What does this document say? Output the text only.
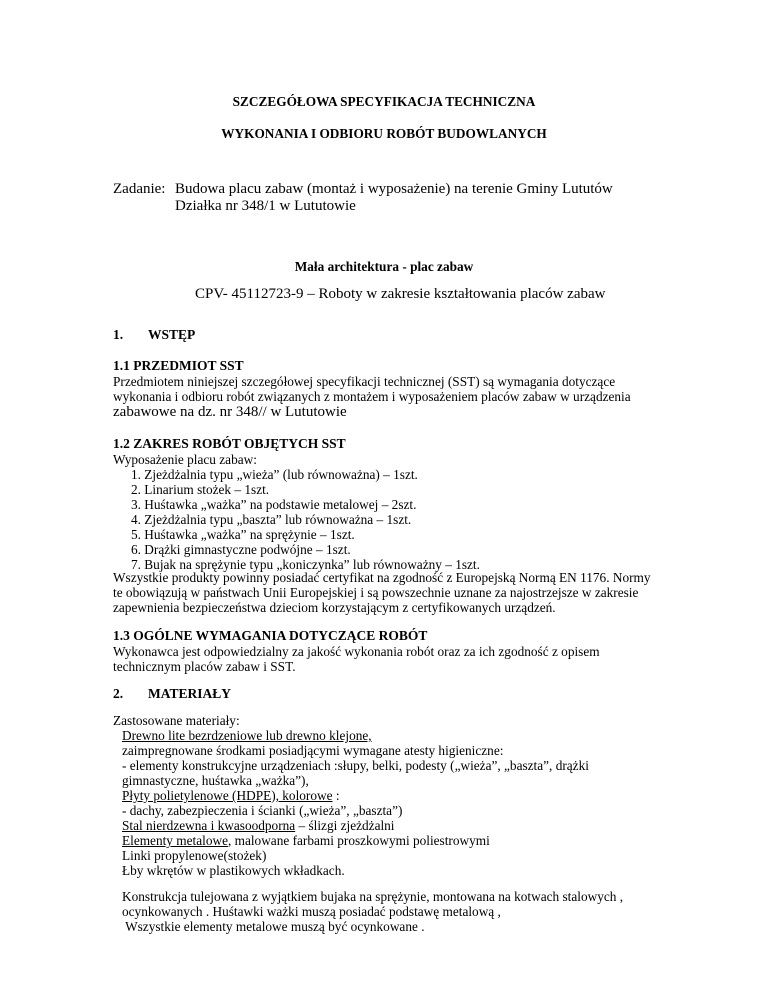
SZCZEGÓŁOWA SPECYFIKACJA TECHNICZNA
WYKONANIA I ODBIORU ROBÓT BUDOWLANYCH
Zadanie: Budowa placu zabaw (montaż i wyposażenie) na terenie Gminy Lututów
Działka nr 348/1 w Lututowie
Mała architektura - plac zabaw
CPV- 45112723-9 – Roboty w zakresie kształtowania placów zabaw
1. WSTĘP
1.1 PRZEDMIOT SST
Przedmiotem niniejszej szczegółowej specyfikacji technicznej (SST) są wymagania dotyczące
wykonania i odbioru robót związanych z montażem i wyposażeniem placów zabaw w urządzenia
zabawowe na dz. nr 348// w Lututowie
1.2 ZAKRES ROBÓT OBJĘTYCH SST
Wyposażenie placu zabaw:
1. Zjeżdżalnia typu „wieża” (lub równoważna) – 1szt.
2. Linarium stożek – 1szt.
3. Huśtawka „ważka” na podstawie metalowej – 2szt.
4. Zjeżdżalnia typu „baszta” lub równoważna – 1szt.
5. Huśtawka „ważka” na sprężynie – 1szt.
6. Drążki gimnastyczne podwójne – 1szt.
7. Bujak na sprężynie typu „koniczynka” lub równoważny – 1szt.
Wszystkie produkty powinny posiadać certyfikat na zgodność z Europejską Normą EN 1176. Normy
te obowiązują w państwach Unii Europejskiej i są powszechnie uznane za najostrzejsze w zakresie
zapewnienia bezpieczeństwa dzieciom korzystającym z certyfikowanych urządzeń.
1.3 OGÓLNE WYMAGANIA DOTYCZĄCE ROBÓT
Wykonawca jest odpowiedzialny za jakość wykonania robót oraz za ich zgodność z opisem
technicznym placów zabaw i SST.
2. MATERIAŁY
Zastosowane materiały:
Drewno lite bezrdzeniowe lub drewno klejone,
zaimpregnowane środkami posiadjącymi wymagane atesty higieniczne:
- elementy konstrukcyjne urządzeniach :słupy, belki, podesty („wieża”, „baszta”, drążki
gimnastyczne, huśtawka „ważka”),
Płyty polietylenowe (HDPE), kolorowe :
- dachy, zabezpieczenia i ścianki („wieża”, „baszta”)
Stal nierdzewna i kwasoodporna – ślizgi zjeżdżalni
Elementy metalowe, malowane farbami proszkowymi poliestrowymi
Linki propylenowe(stożek)
Łby wkrętów w plastikowych wkładkach.
Konstrukcja tulejowana z wyjątkiem bujaka na sprężynie, montowana na kotwach stalowych ,
ocynkowanych . Huśtawki ważki muszą posiadać podstawę metalową ,
Wszystkie elementy metalowe muszą być ocynkowane .
